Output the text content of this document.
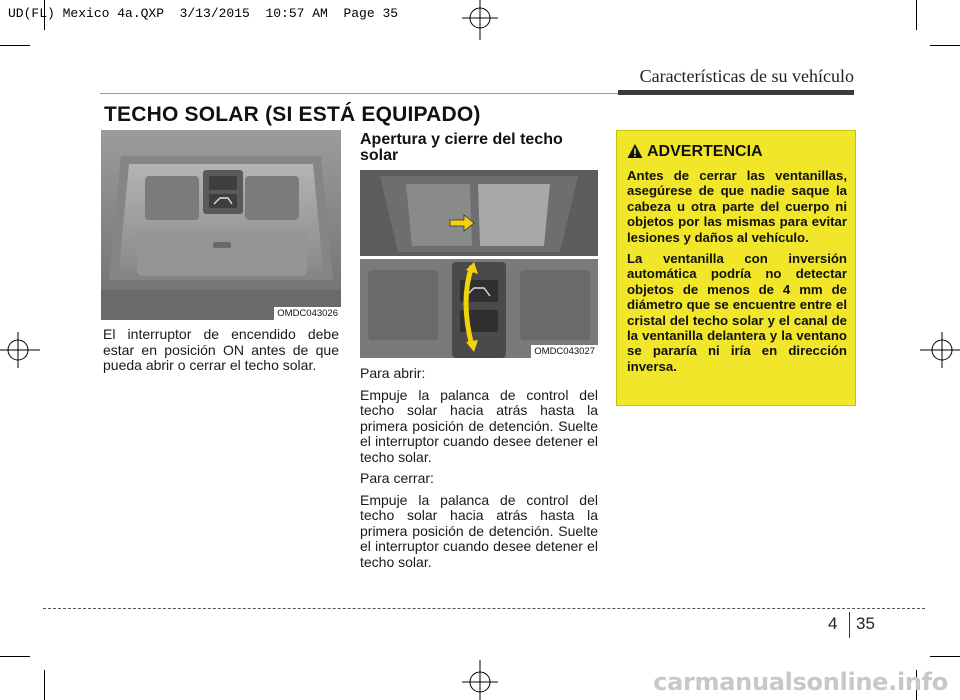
UD(FL) Mexico 4a.QXP  3/13/2015  10:57 AM  Page 35
Características de su vehículo
TECHO SOLAR (SI ESTÁ EQUIPADO)
OMDC043026

El interruptor de encendido debe estar en posición ON antes de que pueda abrir o cerrar el techo solar.

Apertura y cierre del techo solar
OMDC043027

Para abrir:

Empuje la palanca de control del techo solar hacia atrás hasta la primera posición de detención. Suelte el interruptor cuando desee detener el techo solar.

Para cerrar:

Empuje la palanca de control del techo solar hacia atrás hasta la primera posición de detención. Suelte el interruptor cuando desee detener el techo solar.

ADVERTENCIA

Antes de cerrar las ventanillas, asegúrese de que nadie saque la cabeza u otra parte del cuerpo ni objetos por las mismas para evitar lesiones y daños al vehículo.

La ventanilla con inversión automática podría no detectar objetos de menos de 4 mm de diámetro que se encuentre entre el cristal del techo solar y el canal de la ventanilla delantera y la ventano se pararía ni iría en dirección inversa.

4 35
carmanualsonline.info
